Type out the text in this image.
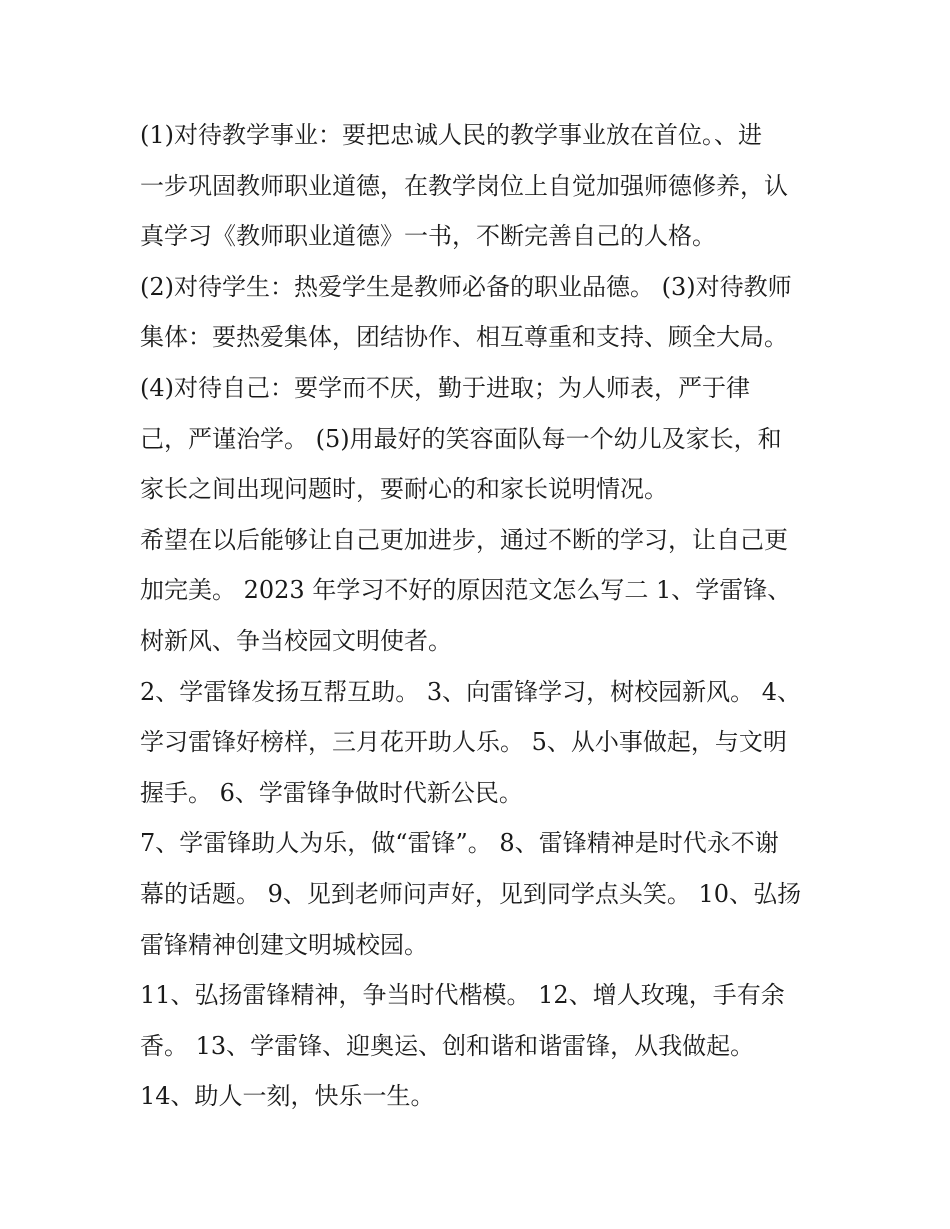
(1)对待教学事业：要把忠诚人民的教学事业放在首位。、进
一步巩固教师职业道德，在教学岗位上自觉加强师德修养，认
真学习《教师职业道德》一书，不断完善自己的人格。
(2)对待学生：热爱学生是教师必备的职业品德。 (3)对待教师
集体：要热爱集体，团结协作、相互尊重和支持、顾全大局。
(4)对待自己：要学而不厌，勤于进取；为人师表，严于律
己，严谨治学。 (5)用最好的笑容面队每一个幼儿及家长，和
家长之间出现问题时，要耐心的和家长说明情况。
希望在以后能够让自己更加进步，通过不断的学习，让自己更
加完美。 2023 年学习不好的原因范文怎么写二 1、学雷锋、
树新风、争当校园文明使者。
2、学雷锋发扬互帮互助。 3、向雷锋学习，树校园新风。 4、
学习雷锋好榜样，三月花开助人乐。 5、从小事做起，与文明
握手。 6、学雷锋争做时代新公民。
7、学雷锋助人为乐，做“雷锋”。 8、雷锋精神是时代永不谢
幕的话题。 9、见到老师问声好，见到同学点头笑。 10、弘扬
雷锋精神创建文明城校园。
11、弘扬雷锋精神，争当时代楷模。 12、增人玫瑰，手有余
香。 13、学雷锋、迎奥运、创和谐和谐雷锋，从我做起。
14、助人一刻，快乐一生。
